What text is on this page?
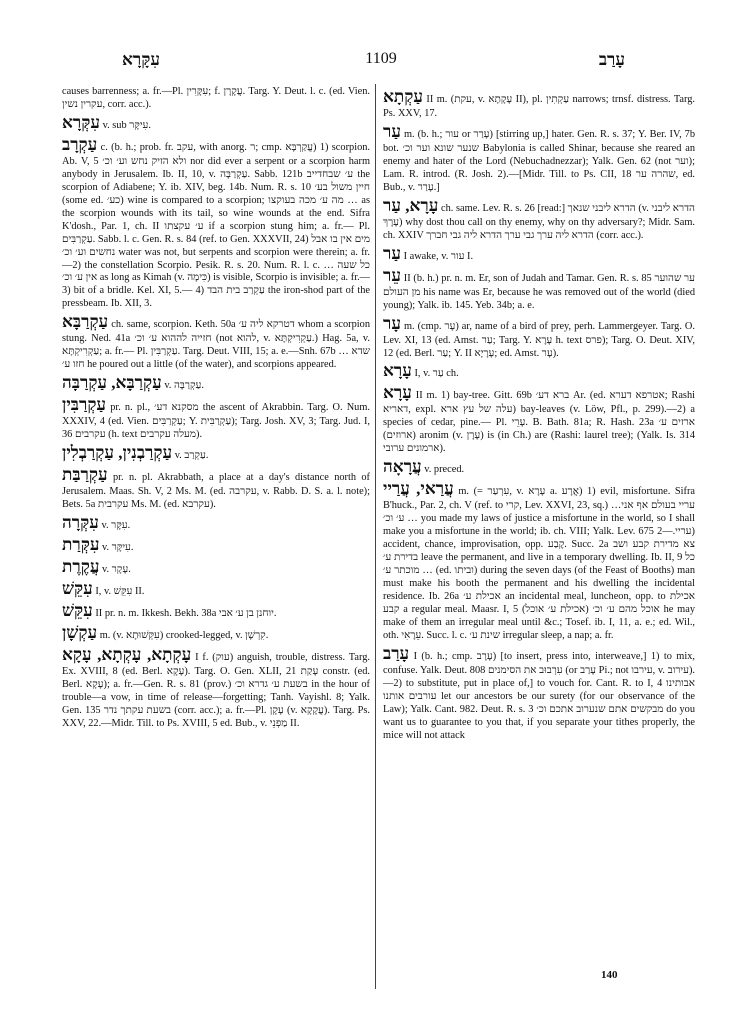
עִקָּרָא	1109	עָרַב

causes barrenness; a. fr.—Pl. עִקָּרִין; f. עֲקָרָן. Targ. Y. Deut. l. c. (ed. Vien. עקרין נשין, corr. acc.).

עִקְּרָא v. sub עִיקָּר.

עַקְרָב c. (b. h.; prob. fr. עקב, with anorg. ר; cmp. עֲקַרְבָּא) 1) scorpion. Ab. V, 5 ולא הזיק נחש וע׳ וכ׳ nor did ever a serpent or a scorpion harm anybody in Jerusalem. Ib. II, 10, v. עַקְרַבָּה. Sabb. 121b ע׳ שבחדייב the scorpion of Adiabene; Y. ib. XIV, beg. 14b. Num. R. s. 10 חיין משול בע׳ (some ed. כע׳) wine is compared to a scorpion; מה ע׳ מכה בעוקצו … as the scorpion wounds with its tail, so wine wounds at the end. Sifra K'dosh., Par. 1, ch. II ע׳ עקצתו if a scorpion stung him; a. fr.— Pl. עַקְרַבִּים. Sabb. l. c. Gen. R. s. 84 (ref. to Gen. XXXVII, 24) מים אין בו אבל נחשים וע׳ וכ׳ water was not, but serpents and scorpion were therein; a. fr.—2) the constellation Scorpio. Pesik. R. s. 20. Num. R. l. c. כל שעה … אין ע׳ וכ׳ as long as Kimah (v. כִּימָה) is visible, Scorpio is invisible; a. fr.—3) bit of a bridle. Kel. XI, 5.— 4) עַקְרַב בית הבד the iron-shod part of the pressbeam. Ib. XII, 3.

עַקְרַבָּא ch. same, scorpion. Keth. 50a דטרקא ליה ע׳ whom a scorpion stung. Ned. 41a חזייה לההוא ע׳ וכ׳ (not להוא, v. עַקְרִיקְתָּא.) Hag. 5a, v. עַקְרִיקְתָּא; a. fr.— Pl. עַקְרַבִּין. Targ. Deut. VIII, 15; a. e.—Snh. 67b שדא … חזו ע׳ he poured out a little (of the water), and scorpions appeared.

עַקְרַבָּא, עַקְרַבָּה v. עַקְרַבָּה.

עַקְרַבִּין pr. n. pl., מסקנא דע׳ the ascent of Akrabbin. Targ. O. Num. XXXIV, 4 (ed. Vien. עַקְרַבִּים; Y. עַקְרַבִּית); Targ. Josh. XV, 3; Targ. Jud. I, 36 עקרבים (h. text מעלה עקרבים).

עַקְרַבְנִין, עַקְרַבְלִין v. עַקְרַב.

עַקְרַבַּת pr. n. pl. Akrabbath, a place at a day's distance north of Jerusalem. Maas. Sh. V, 2 Ms. M. (ed. עקרבה, v. Rabb. D. S. a. l. note); Bets. 5a עקרבית Ms. M. (ed. עקרבא).

עִקְּרָה v. עִקָּר.

עִקְּרַת v. עִיקָּר.

עֲקֶרֶת v. עָקָר.

עִקֵּשׁ I, v. עִקֵּשׁ II.

עִקֵּשׁ II pr. n. m. Ikkesh. Bekh. 38a יוחנן בן ע׳ אבי.

עַקְשָׁן m. (v. עִקְּשׁוּתָא) crooked-legged, v. קִרְשָׁן.

עָקְתָא, עָקְתָא, עָקָא I f. (עוק) anguish, trouble, distress. Targ. Ex. XVIII, 8 (ed. Berl. עָקָא). Targ. O. Gen. XLII, 21 עָקַת constr. (ed. Berl. עָקָא); a. fr.—Gen. R. s. 81 (prov.) בשעת ע׳ גדרא וכ׳ in the hour of trouble—a vow, in time of release—forgetting; Tanh. Vayishl. 8; Yalk. Gen. 135 בשעת עקתך נדר (corr. acc.); a. fr.—Pl. עָקָן (v. עֲקָקָא). Targ. Ps. XXV, 22.—Midr. Till. to Ps. XVIII, 5 ed. Bub., v. מַפְנֵי II.

עַקְתָא II m. (עקת, v. עָקָתָא II), pl. עַקְתִין narrows; trnsf. distress. Targ. Ps. XXV, 17.

עַר m. (b. h.; עור or עָרַר) [stirring up,] hater. Gen. R. s. 37; Y. Ber. IV, 7b bot. שנער שונא וער וכ׳ Babylonia is called Shinar, because she reared an enemy and hater of the Lord (Nebuchadnezzar); Yalk. Gen. 62 (not וער); Lam. R. introd. (R. Josh. 2).—[Midr. Till. to Ps. CII, 18 שהרה ער, ed. Bub., v. עָרַר.]

עָרָא, עַר ch. same. Lev. R. s. 26 [read:] הדרא ליבני שנאך (v. הדרא ליבני עָרָךְ) why dost thou call on thy enemy, why on thy adversary?; Midr. Sam. ch. XXIV הדרא ליה ערך גבי ערך הדרא ליה גבי חברך (corr. acc.).

עַר I awake, v. עור I.

עֵר II (b. h.) pr. n. m. Er, son of Judah and Tamar. Gen. R. s. 85 ער שהוער מן העולם his name was Er, because he was removed out of the world (died young); Yalk. ib. 145. Yeb. 34b; a. e.

עָר m. (cmp. עָר) ar, name of a bird of prey, perh. Lammergeyer. Targ. O. Lev. XI, 13 (ed. Amst. עַר; Targ. Y. עָרָא h. text פרס); Targ. O. Deut. XIV, 12 (ed. Berl. עַר; Y. II עָרָיָא; ed. Amst. עָר).

עָרָא I, v. עַר ch.

עָרָא II m. 1) bay-tree. Gitt. 69b ברא דע׳ Ar. (ed. אטרפא דערא; Rashi דאריא, expl. עלה של עץ ארא) bay-leaves (v. Löw, Pfl., p. 299).—2) a species of cedar, pine.— Pl. עָרֵי. B. Bath. 81a; R. Hash. 23a ארזים ע׳ (ארוזים) aronim (v. עָרָן) is (in Ch.) are (Rashi: laurel tree); (Yalk. Is. 314 ארמונים ערובי).

עֲרָאָה v. preced.

עֲרַאי, עֲרַיי m. (= עִרְעַר, v. עָרָא a. אֲרָע) 1) evil, misfortune. Sifra B'huck., Par. 2, ch. V (ref. to קרי, Lev. XXVI, 23, sq.) …עריי בעולם אף אני … ע׳ וכ׳ you made my laws of justice a misfortune in the world, so I shall make you a misfortune in the world; ib. ch. VIII; Yalk. Lev. 675 עריי.—2) accident, chance, improvisation, opp. קֶבַע. Succ. 2a צא מדירת קבע ושב בדירת ע׳ leave the permanent, and live in a temporary dwelling. Ib. II, 9 כל … מוכתר ע׳ (ed. וביתו) during the seven days (of the Feast of Booths) man must make his booth the permanent and his dwelling the incidental residence. Ib. 26a אכילת ע׳ an incidental meal, luncheon, opp. to אכילת קבע a regular meal. Maasr. I, 5 אוכל מהם ע׳ וכ׳ (אכילת ע׳ אוכל) he may make of them an irregular meal until &c.; Tosef. ib. I, 11, a. e.; ed. Wil., oth. עֵרָאִי. Succ. l. c. שינת ע׳ irregular sleep, a nap; a. fr.

עָרַב I (b. h.; cmp. עָרָב) [to insert, press into, interweave,] 1) to mix, confuse. Yalk. Deut. 808 עִרְבוּב את הסימנים (or עָרַב Pi.; not עירבו, v. עירוב).—2) to substitute, put in place of,] to vouch for. Cant. R. to I, 4 אבותינו עורבים אותנו let our ancestors be our surety (for our observance of the Law); Yalk. Cant. 982. Deut. R. s. 3 מבקשים אתם שנערוב אתכם וכ׳ do you want us to guarantee to you that, if you separate your tithes properly, the mice will not attack

140
